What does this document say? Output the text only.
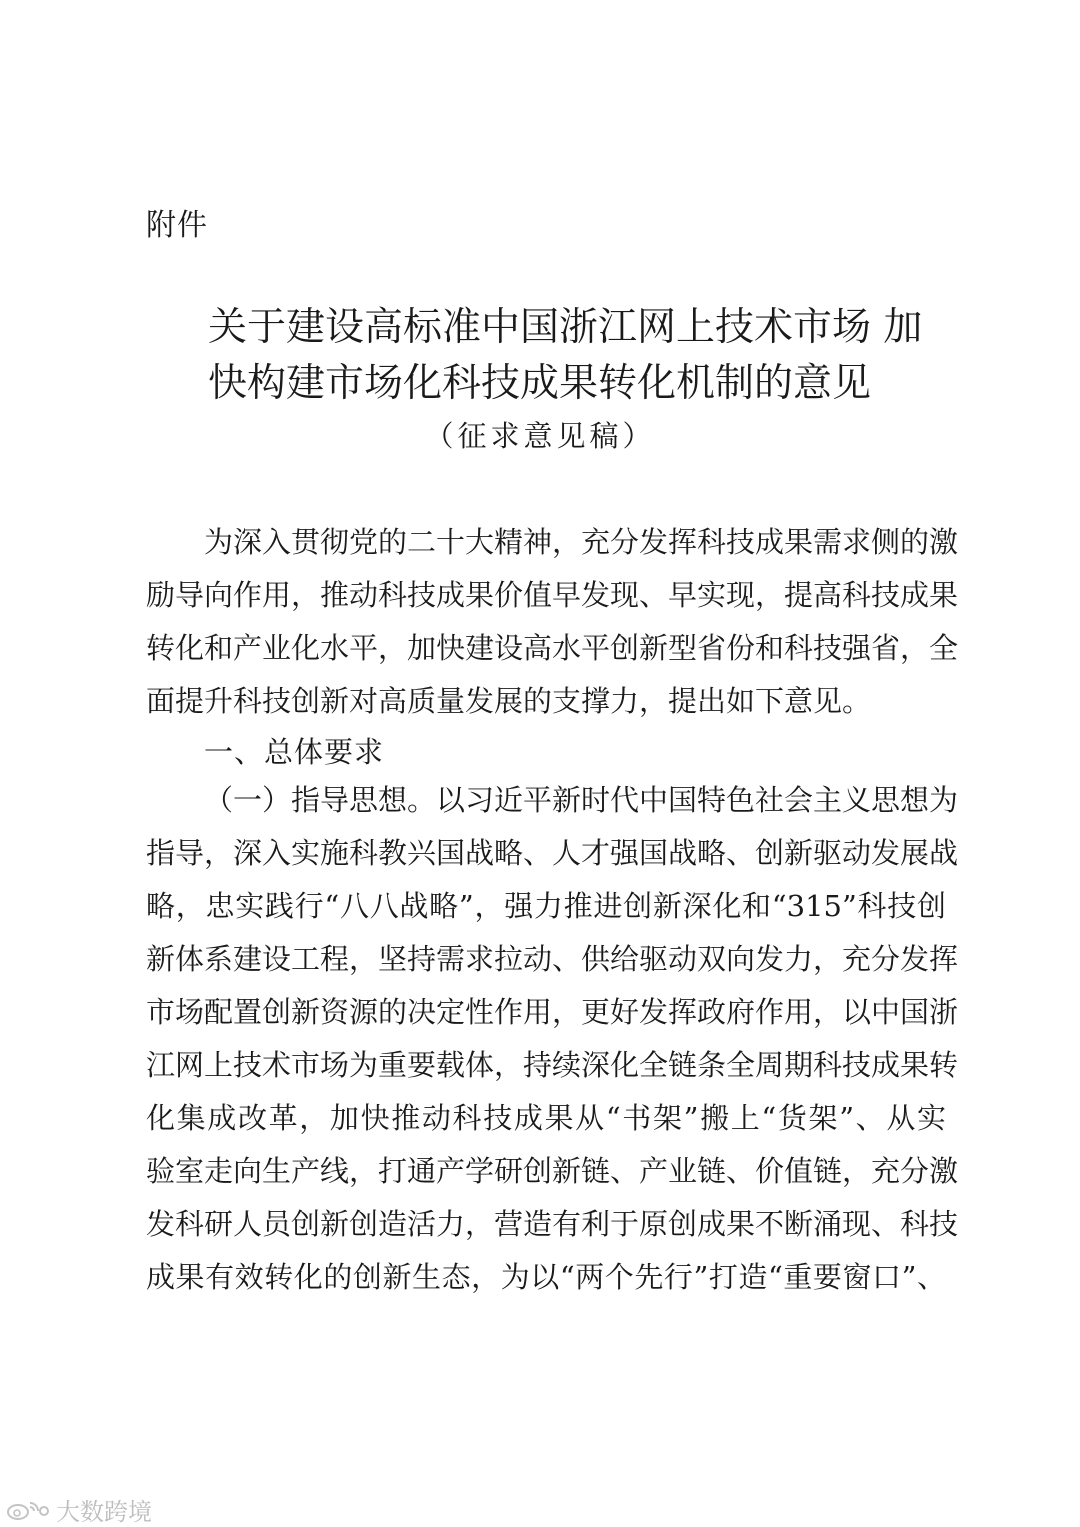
附件
关于建设高标准中国浙江网上技术市场 加
快构建市场化科技成果转化机制的意见
（征求意见稿）
为深入贯彻党的二十大精神，充分发挥科技成果需求侧的激
励导向作用，推动科技成果价值早发现、早实现，提高科技成果
转化和产业化水平，加快建设高水平创新型省份和科技强省，全
面提升科技创新对高质量发展的支撑力，提出如下意见。
一、总体要求
（一）指导思想。以习近平新时代中国特色社会主义思想为
指导，深入实施科教兴国战略、人才强国战略、创新驱动发展战
略，忠实践行“八八战略”，强力推进创新深化和“315”科技创
新体系建设工程，坚持需求拉动、供给驱动双向发力，充分发挥
市场配置创新资源的决定性作用，更好发挥政府作用，以中国浙
江网上技术市场为重要载体，持续深化全链条全周期科技成果转
化集成改革，加快推动科技成果从“书架”搬上“货架”、从实
验室走向生产线，打通产学研创新链、产业链、价值链，充分激
发科研人员创新创造活力，营造有利于原创成果不断涌现、科技
成果有效转化的创新生态，为以“两个先行”打造“重要窗口”、
大数跨境
